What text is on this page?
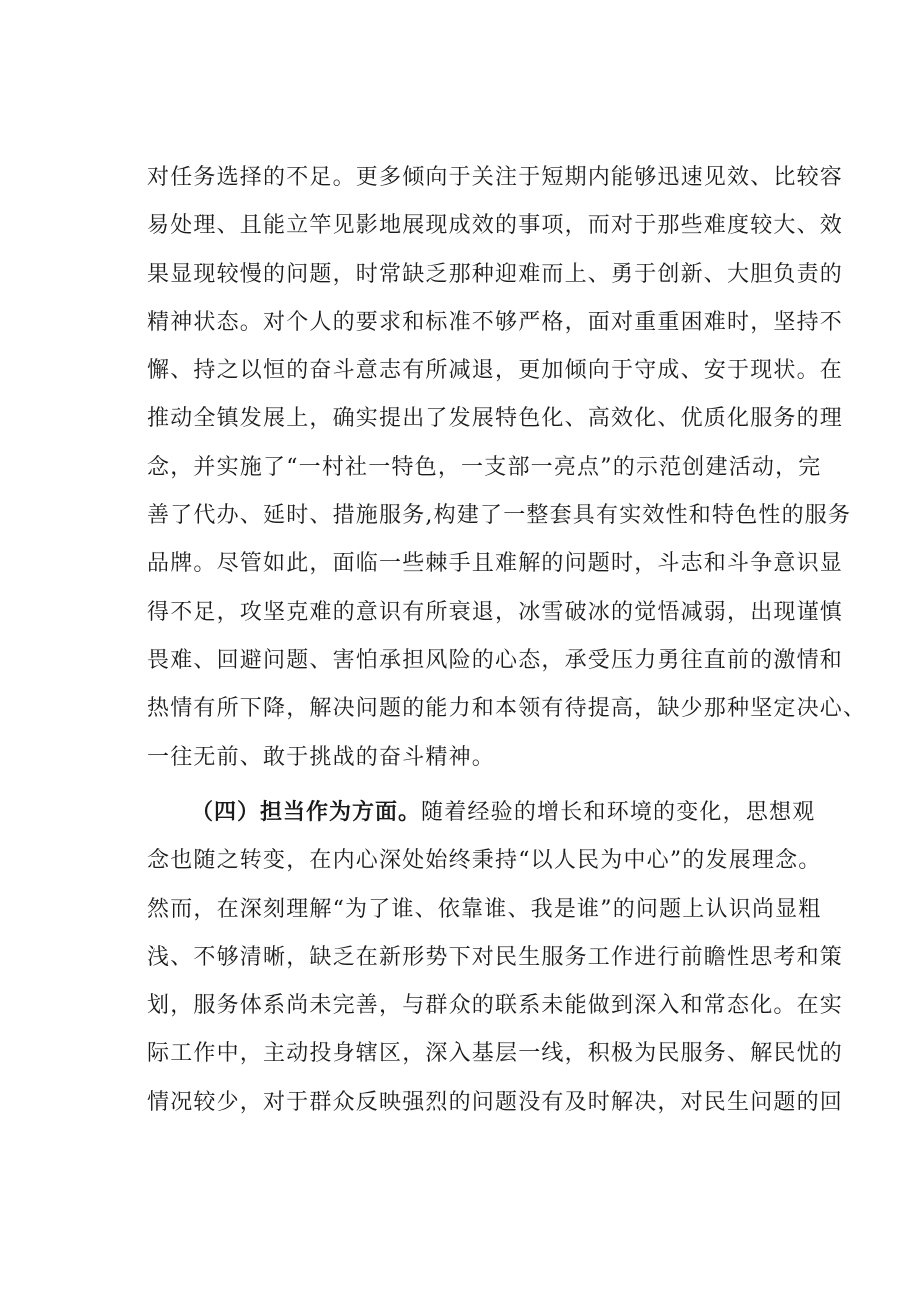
对任务选择的不足。更多倾向于关注于短期内能够迅速见效、比较容
易处理、且能立竿见影地展现成效的事项，而对于那些难度较大、效
果显现较慢的问题，时常缺乏那种迎难而上、勇于创新、大胆负责的
精神状态。对个人的要求和标准不够严格，面对重重困难时，坚持不
懈、持之以恒的奋斗意志有所减退，更加倾向于守成、安于现状。在
推动全镇发展上，确实提出了发展特色化、高效化、优质化服务的理
念，并实施了“一村社一特色，一支部一亮点”的示范创建活动，完
善了代办、延时、措施服务,构建了一整套具有实效性和特色性的服务
品牌。尽管如此，面临一些棘手且难解的问题时，斗志和斗争意识显
得不足，攻坚克难的意识有所衰退，冰雪破冰的觉悟减弱，出现谨慎
畏难、回避问题、害怕承担风险的心态，承受压力勇往直前的激情和
热情有所下降，解决问题的能力和本领有待提高，缺少那种坚定决心、
一往无前、敢于挑战的奋斗精神。
（四）担当作为方面。随着经验的增长和环境的变化，思想观
念也随之转变，在内心深处始终秉持“以人民为中心”的发展理念。
然而，在深刻理解“为了谁、依靠谁、我是谁”的问题上认识尚显粗
浅、不够清晰，缺乏在新形势下对民生服务工作进行前瞻性思考和策
划，服务体系尚未完善，与群众的联系未能做到深入和常态化。在实
际工作中，主动投身辖区，深入基层一线，积极为民服务、解民忧的
情况较少，对于群众反映强烈的问题没有及时解决，对民生问题的回
